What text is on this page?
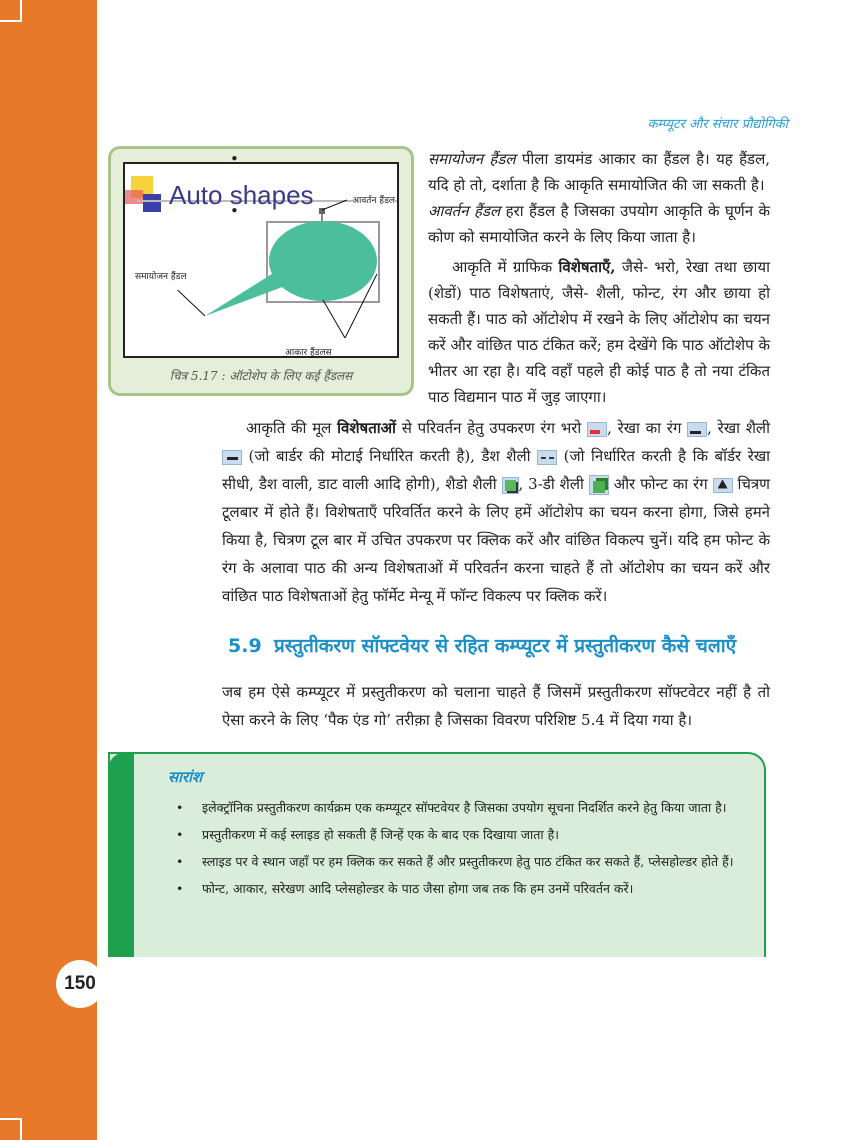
150
कम्प्यूटर और संचार प्रौद्योगिकी
Auto shapes	आवर्तन हैंडल
समायोजन हैंडल
आकार हैंडलस
चित्र 5.17 : ऑटोशेप के लिए कई हैंडलस
• समायोजन हैंडल पीला डायमंड आकार का हैंडल है। यह हैंडल, यदि हो तो, दर्शाता है कि आकृति समायोजित की जा सकती है।
• आवर्तन हैंडल हरा हैंडल है जिसका उपयोग आकृति के घूर्णन के कोण को समायोजित करने के लिए किया जाता है।

आकृति में ग्राफिक विशेषताएँ, जैसे- भरो, रेखा तथा छाया (शेडों) पाठ विशेषताएं, जैसे- शैली, फोन्ट, रंग और छाया हो सकती हैं। पाठ को ऑटोशेप में रखने के लिए ऑटोशेप का चयन करें और वांछित पाठ टंकित करें; हम देखेंगे कि पाठ ऑटोशेप के भीतर आ रहा है। यदि वहाँ पहले ही कोई पाठ है तो नया टंकित पाठ विद्यमान पाठ में जुड़ जाएगा।

आकृति की मूल विशेषताओं से परिवर्तन हेतु उपकरण रंग भरो
, रेखा का रंग
, रेखा शैली
(जो बार्डर की मोटाई निर्धारित करती है), डैश शैली
(जो निर्धारित करती है कि बॉर्डर रेखा सीधी, डैश वाली, डाट वाली आदि होगी), शैडो शैली
, 3-डी शैली
और फोन्ट का रंग
चित्रण टूलबार में होते हैं। विशेषताएँ परिवर्तित करने के लिए हमें ऑटोशेप का चयन करना होगा, जिसे हमने किया है, चित्रण टूल बार में उचित उपकरण पर क्लिक करें और वांछित विकल्प चुनें। यदि हम फोन्ट के रंग के अलावा पाठ की अन्य विशेषताओं में परिवर्तन करना चाहते हैं तो ऑटोशेप का चयन करें और वांछित पाठ विशेषताओं हेतु फॉर्मेट मेन्यू में फॉन्ट विकल्प पर क्लिक करें।

5.9 प्रस्तुतीकरण सॉफ्टवेयर से रहित कम्प्यूटर में प्रस्तुतीकरण कैसे चलाएँ

जब हम ऐसे कम्प्यूटर में प्रस्तुतीकरण को चलाना चाहते हैं जिसमें प्रस्तुतीकरण सॉफ्टवेटर नहीं है तो ऐसा करने के लिए ‘पैक एंड गो’ तरीक़ा है जिसका विवरण परिशिष्ट 5.4 में दिया गया है।

सारांश
• इलेक्ट्रॉनिक प्रस्तुतीकरण कार्यक्रम एक कम्प्यूटर सॉफ्टवेयर है जिसका उपयोग सूचना निदर्शित करने हेतु किया जाता है।
• प्रस्तुतीकरण में कई स्लाइड हो सकती हैं जिन्हें एक के बाद एक दिखाया जाता है।
• स्लाइड पर वे स्थान जहाँ पर हम क्लिक कर सकते हैं और प्रस्तुतीकरण हेतु पाठ टंकित कर सकते हैं, प्लेसहोल्डर होते हैं।
• फोन्ट, आकार, सरेखण आदि प्लेसहोल्डर के पाठ जैसा होगा जब तक कि हम उनमें परिवर्तन करें।
